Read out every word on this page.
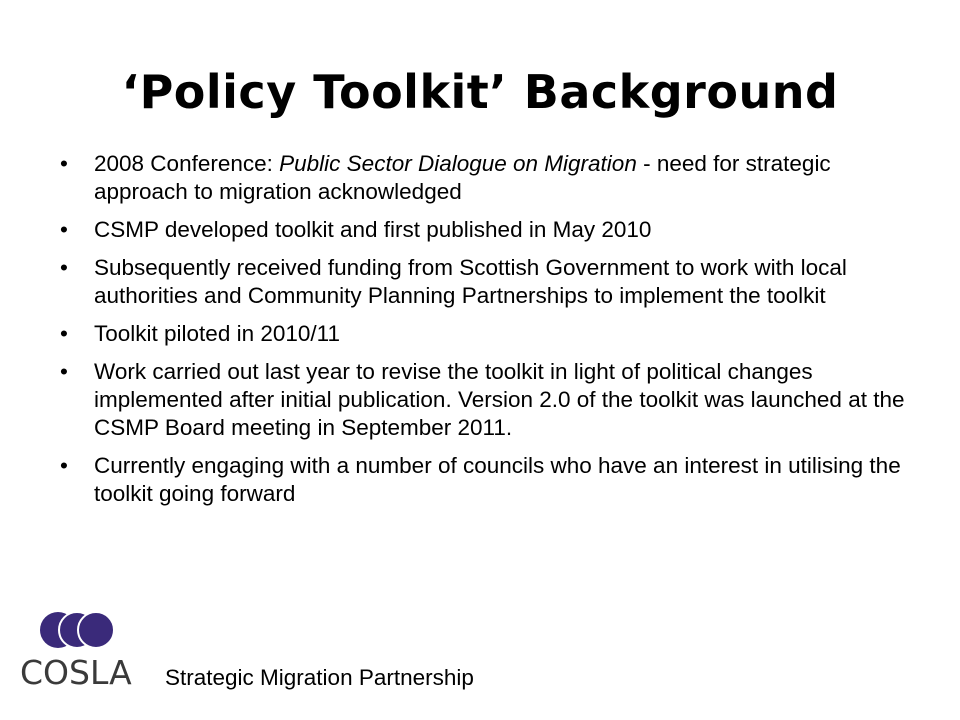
‘Policy Toolkit’ Background
•	2008 Conference: Public Sector Dialogue on Migration - need for strategic approach to migration acknowledged
•	CSMP developed toolkit and first published in May 2010
•	Subsequently received funding from Scottish Government to work with local authorities and Community Planning Partnerships to implement the toolkit
•	Toolkit piloted in 2010/11
•	Work carried out last year to revise the toolkit in light of political changes implemented after initial publication. Version 2.0 of the toolkit was launched at the CSMP Board meeting in September 2011.
•	Currently engaging with a number of councils who have an interest in utilising the toolkit going forward
COSLA Strategic Migration Partnership
